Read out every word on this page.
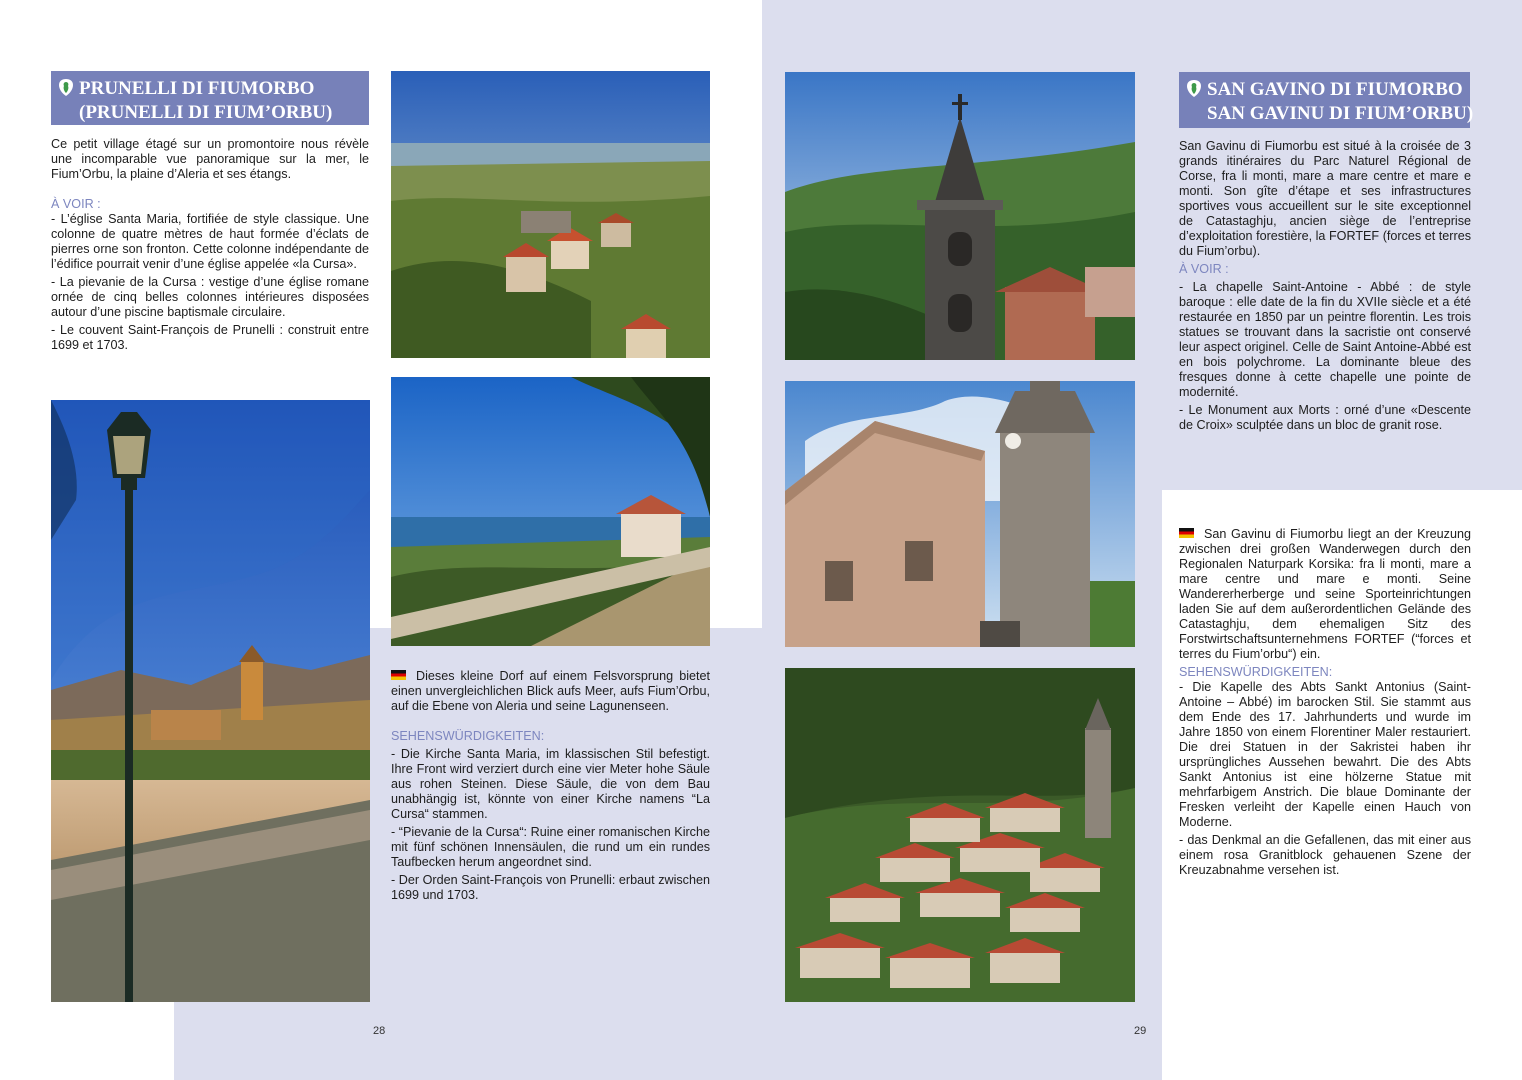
PRUNELLI DI FIUMORBO
(PRUNELLI DI FIUM’ORBU)

Ce petit village étagé sur un promontoire nous révèle une incomparable vue panoramique sur la mer, le Fium’Orbu, la plaine d’Aleria et ses étangs.

À VOIR :

- L’église Santa Maria, fortifiée de style classique. Une colonne de quatre mètres de haut formée d’éclats de pierres orne son fronton. Cette colonne indépendante de l’édifice pourrait venir d’une église appelée «la Cursa».

- La pievanie de la Cursa : vestige d’une église romane ornée de cinq belles colonnes intérieures disposées autour d’une piscine baptismale circulaire.

- Le couvent Saint-François de Prunelli : construit entre 1699 et 1703.

Dieses kleine Dorf auf einem Felsvorsprung bietet einen unvergleichlichen Blick aufs Meer, aufs Fium’Orbu, auf die Ebene von Aleria und seine Lagunenseen.

SEHENSWÜRDIGKEITEN:

- Die Kirche Santa Maria, im klassischen Stil befestigt. Ihre Front wird verziert durch eine vier Meter hohe Säule aus rohen Steinen. Diese Säule, die von dem Bau unabhängig ist, könnte von einer Kirche namens “La Cursa“ stammen.

- “Pievanie de la Cursa“: Ruine einer romanischen Kirche mit fünf schönen Innensäulen, die rund um ein rundes Taufbecken herum angeordnet sind.

- Der Orden Saint-François von Prunelli: erbaut zwischen 1699 und 1703.

28
SAN GAVINO DI FIUMORBO
SAN GAVINU DI FIUM’ORBU)

San Gavinu di Fiumorbu est situé à la croisée de 3 grands itinéraires du Parc Naturel Régional de Corse, fra li monti, mare a mare centre et mare e monti. Son gîte d’étape et ses infrastructures sportives vous accueillent sur le site exceptionnel de Catastaghju, ancien siège de l’entreprise d’exploitation forestière, la FORTEF (forces et terres du Fium’orbu).

À VOIR :

- La chapelle Saint-Antoine - Abbé : de style baroque : elle date de la fin du XVIIe siècle et a été restaurée en 1850 par un peintre florentin. Les trois statues se trouvant dans la sacristie ont conservé leur aspect originel. Celle de Saint Antoine-Abbé est en bois polychrome. La dominante bleue des fresques donne à cette chapelle une pointe de modernité.

- Le Monument aux Morts : orné d’une «Descente de Croix» sculptée dans un bloc de granit rose.

San Gavinu di Fiumorbu liegt an der Kreuzung zwischen drei großen Wanderwegen durch den Regionalen Naturpark Korsika: fra li monti, mare a mare centre und mare e monti. Seine Wandererherberge und seine Sporteinrichtungen laden Sie auf dem außerordentlichen Gelände des Catastaghju, dem ehemaligen Sitz des Forstwirtschaftsunternehmens FORTEF (“forces et terres du Fium’orbu“) ein.

SEHENSWÜRDIGKEITEN:

- Die Kapelle des Abts Sankt Antonius (Saint-Antoine – Abbé) im barocken Stil. Sie stammt aus dem Ende des 17. Jahrhunderts und wurde im Jahre 1850 von einem Florentiner Maler restauriert. Die drei Statuen in der Sakristei haben ihr ursprüngliches Aussehen bewahrt. Die des Abts Sankt Antonius ist eine hölzerne Statue mit mehrfarbigem Anstrich. Die blaue Dominante der Fresken verleiht der Kapelle einen Hauch von Moderne.

- das Denkmal an die Gefallenen, das mit einer aus einem rosa Granitblock gehauenen Szene der Kreuzabnahme versehen ist.

29
